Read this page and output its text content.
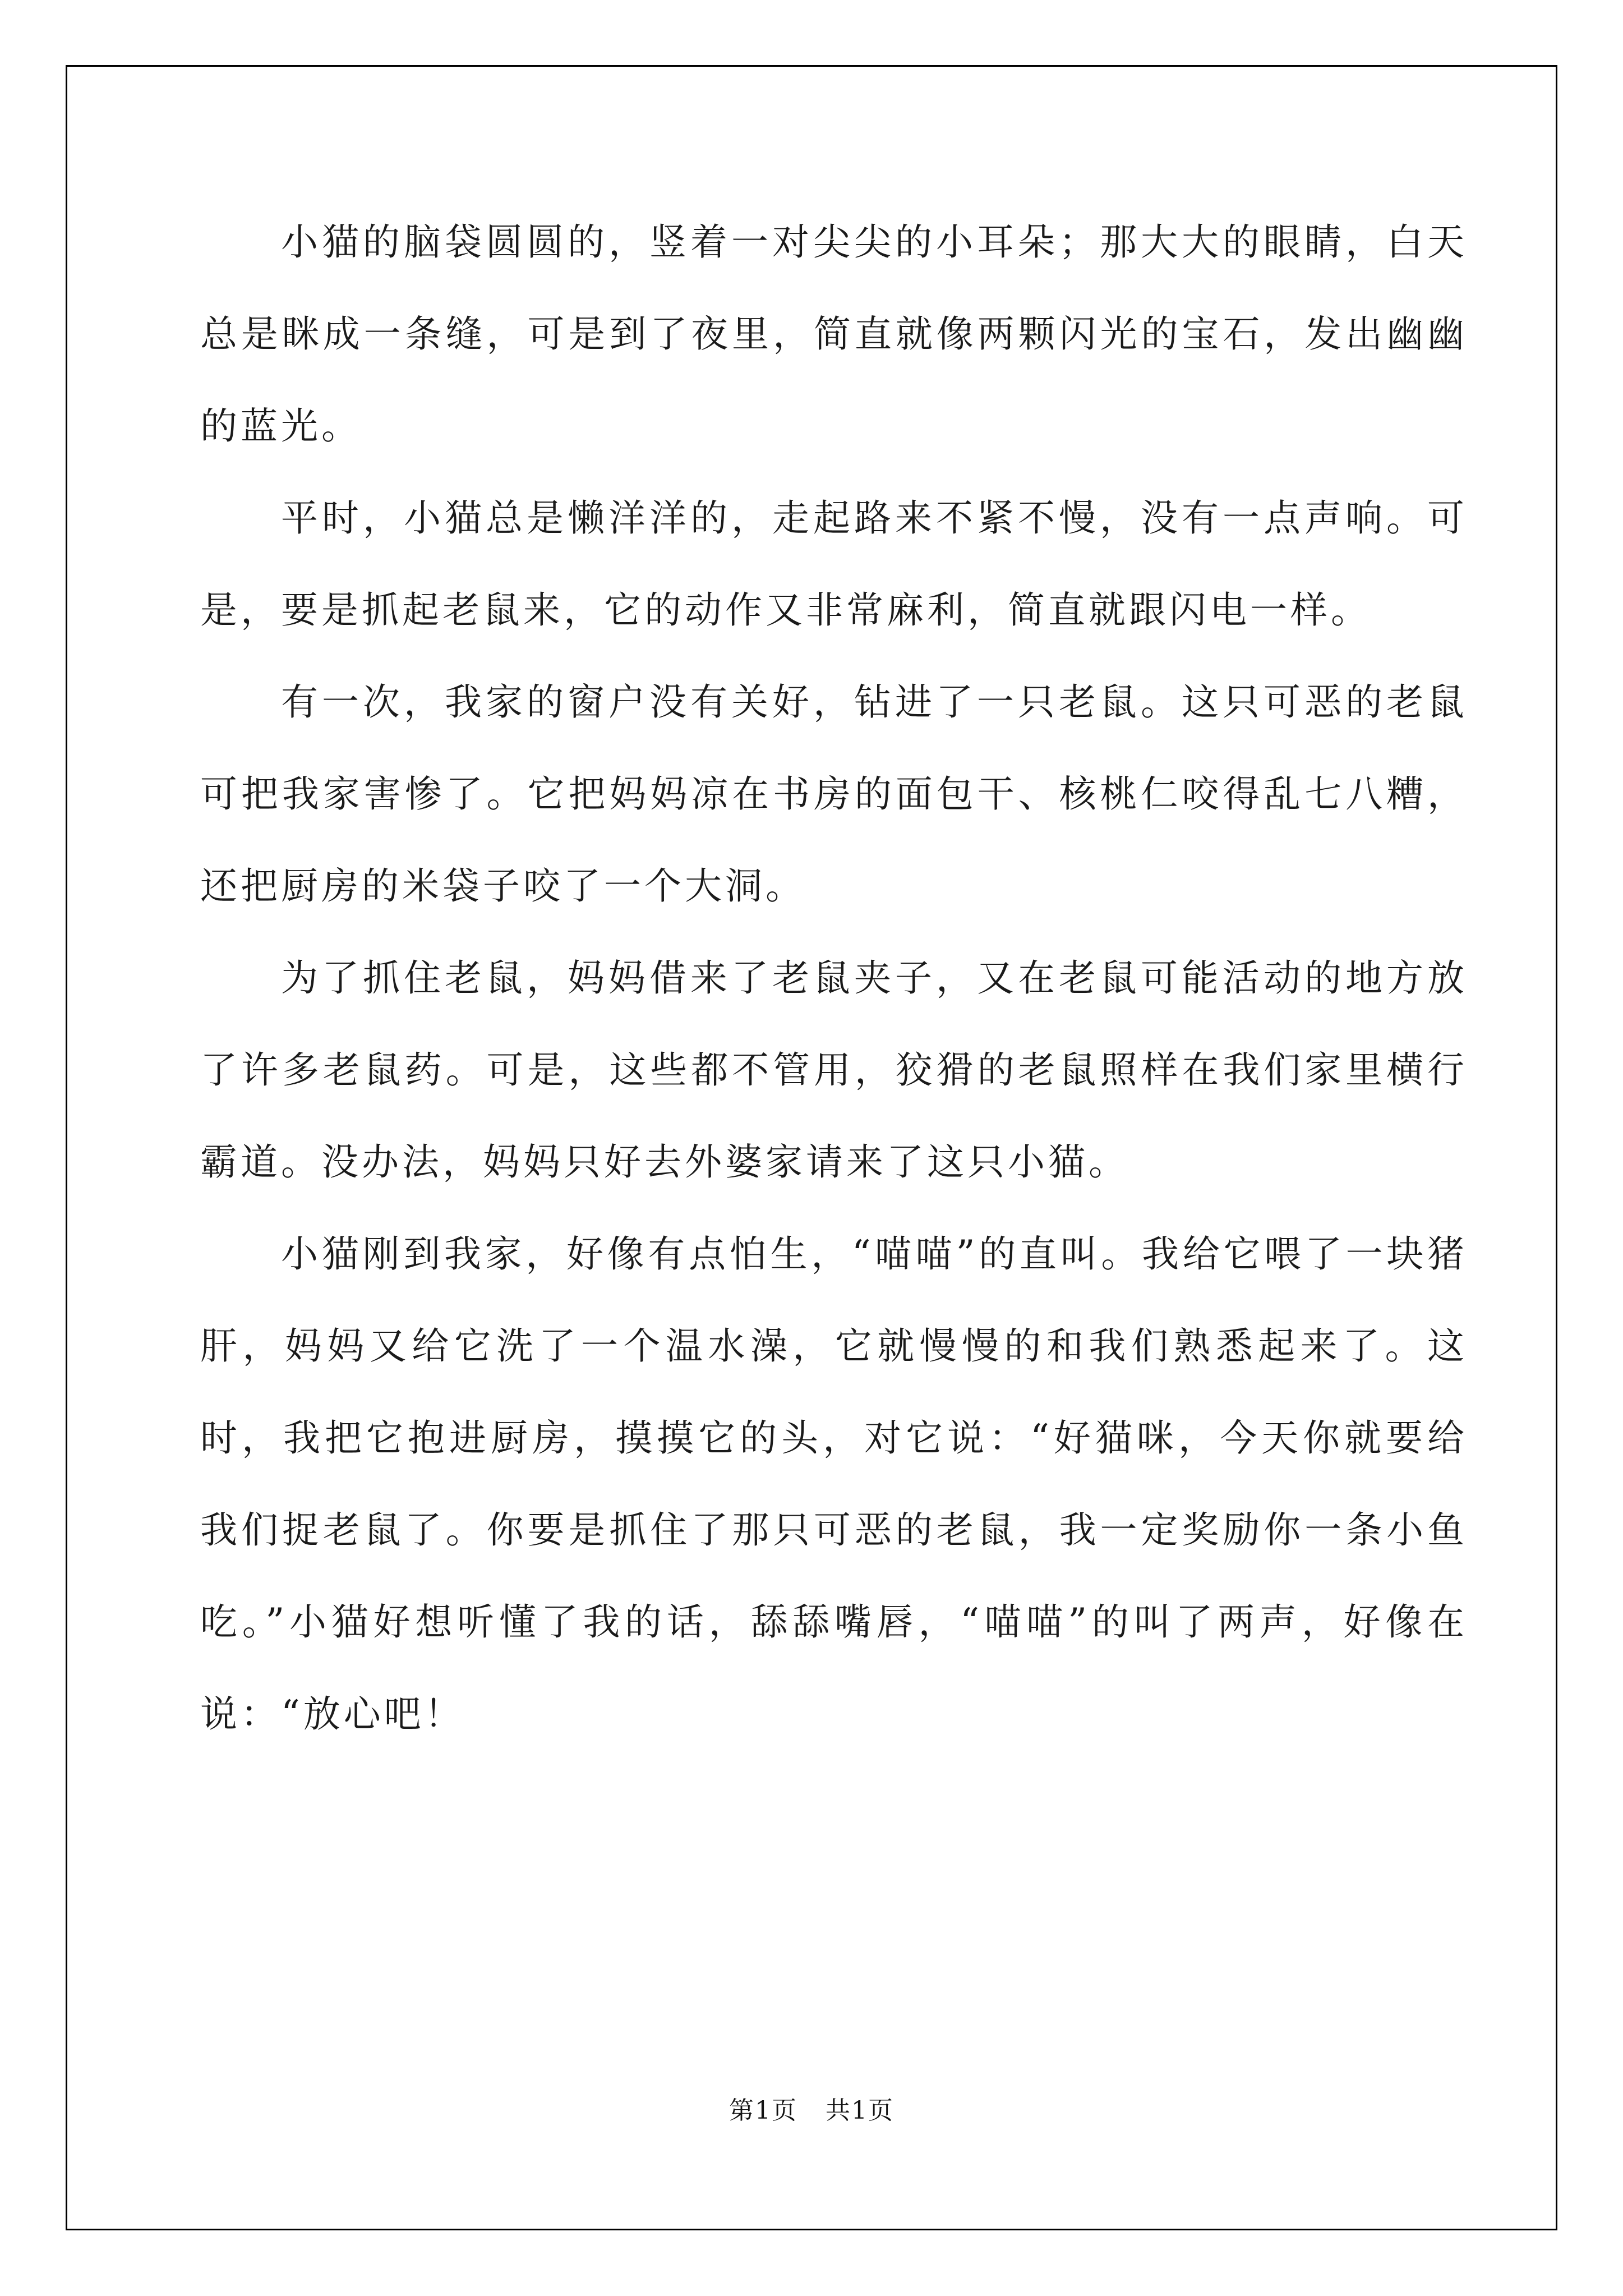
小猫的脑袋圆圆的，竖着一对尖尖的小耳朵；那大大的眼睛，白天总是眯成一条缝，可是到了夜里，简直就像两颗闪光的宝石，发出幽幽的蓝光。

平时，小猫总是懒洋洋的，走起路来不紧不慢，没有一点声响。可是，要是抓起老鼠来，它的动作又非常麻利，简直就跟闪电一样。

有一次，我家的窗户没有关好，钻进了一只老鼠。这只可恶的老鼠可把我家害惨了。它把妈妈凉在书房的面包干、核桃仁咬得乱七八糟，还把厨房的米袋子咬了一个大洞。

为了抓住老鼠，妈妈借来了老鼠夹子，又在老鼠可能活动的地方放了许多老鼠药。可是，这些都不管用，狡猾的老鼠照样在我们家里横行霸道。没办法，妈妈只好去外婆家请来了这只小猫。

小猫刚到我家，好像有点怕生，“喵喵”的直叫。我给它喂了一块猪肝，妈妈又给它洗了一个温水澡，它就慢慢的和我们熟悉起来了。这时，我把它抱进厨房，摸摸它的头，对它说：“好猫咪，今天你就要给我们捉老鼠了。你要是抓住了那只可恶的老鼠，我一定奖励你一条小鱼吃。”小猫好想听懂了我的话，舔舔嘴唇，“喵喵”的叫了两声，好像在说：“放心吧！

第1页 共1页
